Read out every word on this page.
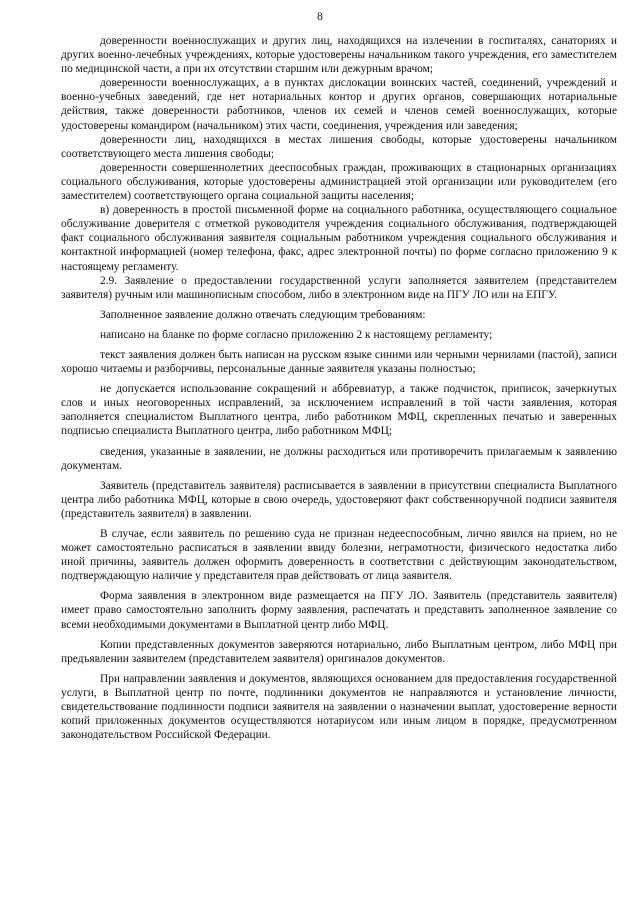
8

доверенности военнослужащих и других лиц, находящихся на излечении в госпиталях, санаториях и других военно-лечебных учреждениях, которые удостоверены начальником такого учреждения, его заместителем по медицинской части, а при их отсутствии старшим или дежурным врачом;

доверенности военнослужащих, а в пунктах дислокации воинских частей, соединений, учреждений и военно-учебных заведений, где нет нотариальных контор и других органов, совершающих нотариальные действия, также доверенности работников, членов их семей и членов семей военнослужащих, которые удостоверены командиром (начальником) этих части, соединения, учреждения или заведения;

доверенности лиц, находящихся в местах лишения свободы, которые удостоверены начальником соответствующего места лишения свободы;

доверенности совершеннолетних дееспособных граждан, проживающих в стационарных организациях социального обслуживания, которые удостоверены администрацией этой организации или руководителем (его заместителем) соответствующего органа социальной защиты населения;

в) доверенность в простой письменной форме на социального работника, осуществляющего социальное обслуживание доверителя с отметкой руководителя учреждения социального обслуживания, подтверждающей факт социального обслуживания заявителя социальным работником учреждения социального обслуживания и контактной информацией (номер телефона, факс, адрес электронной почты) по форме согласно приложению 9 к настоящему регламенту.

2.9. Заявление о предоставлении государственной услуги заполняется заявителем (представителем заявителя) ручным или машинописным способом, либо в электронном виде на ПГУ ЛО или на ЕПГУ.

Заполненное заявление должно отвечать следующим требованиям:

написано на бланке по форме согласно приложению 2 к настоящему регламенту;

текст заявления должен быть написан на русском языке синими или черными чернилами (пастой), записи хорошо читаемы и разборчивы, персональные данные заявителя указаны полностью;

не допускается использование сокращений и аббревиатур, а также подчисток, приписок, зачеркнутых слов и иных неоговоренных исправлений, за исключением исправлений в той части заявления, которая заполняется специалистом Выплатного центра, либо работником МФЦ, скрепленных печатью и заверенных подписью специалиста Выплатного центра, либо работником МФЦ;

сведения, указанные в заявлении, не должны расходиться или противоречить прилагаемым к заявлению документам.

Заявитель (представитель заявителя) расписывается в заявлении в присутствии специалиста Выплатного центра либо работника МФЦ, которые в свою очередь, удостоверяют факт собственноручной подписи заявителя (представитель заявителя) в заявлении.

В случае, если заявитель по решению суда не признан недееспособным, лично явился на прием, но не может самостоятельно расписаться в заявлении ввиду болезни, неграмотности, физического недостатка либо иной причины, заявитель должен оформить доверенность в соответствии с действующим законодательством, подтверждающую наличие у представителя прав действовать от лица заявителя.

Форма заявления в электронном виде размещается на ПГУ ЛО. Заявитель (представитель заявителя) имеет право самостоятельно заполнить форму заявления, распечатать и представить заполненное заявление со всеми необходимыми документами в Выплатной центр либо МФЦ.

Копии представленных документов заверяются нотариально, либо Выплатным центром, либо МФЦ при предъявлении заявителем (представителем заявителя) оригиналов документов.

При направлении заявления и документов, являющихся основанием для предоставления государственной услуги, в Выплатной центр по почте, подлинники документов не направляются и установление личности, свидетельствование подлинности подписи заявителя на заявлении о назначении выплат, удостоверение верности копий приложенных документов осуществляются нотариусом или иным лицом в порядке, предусмотренном законодательством Российской Федерации.
